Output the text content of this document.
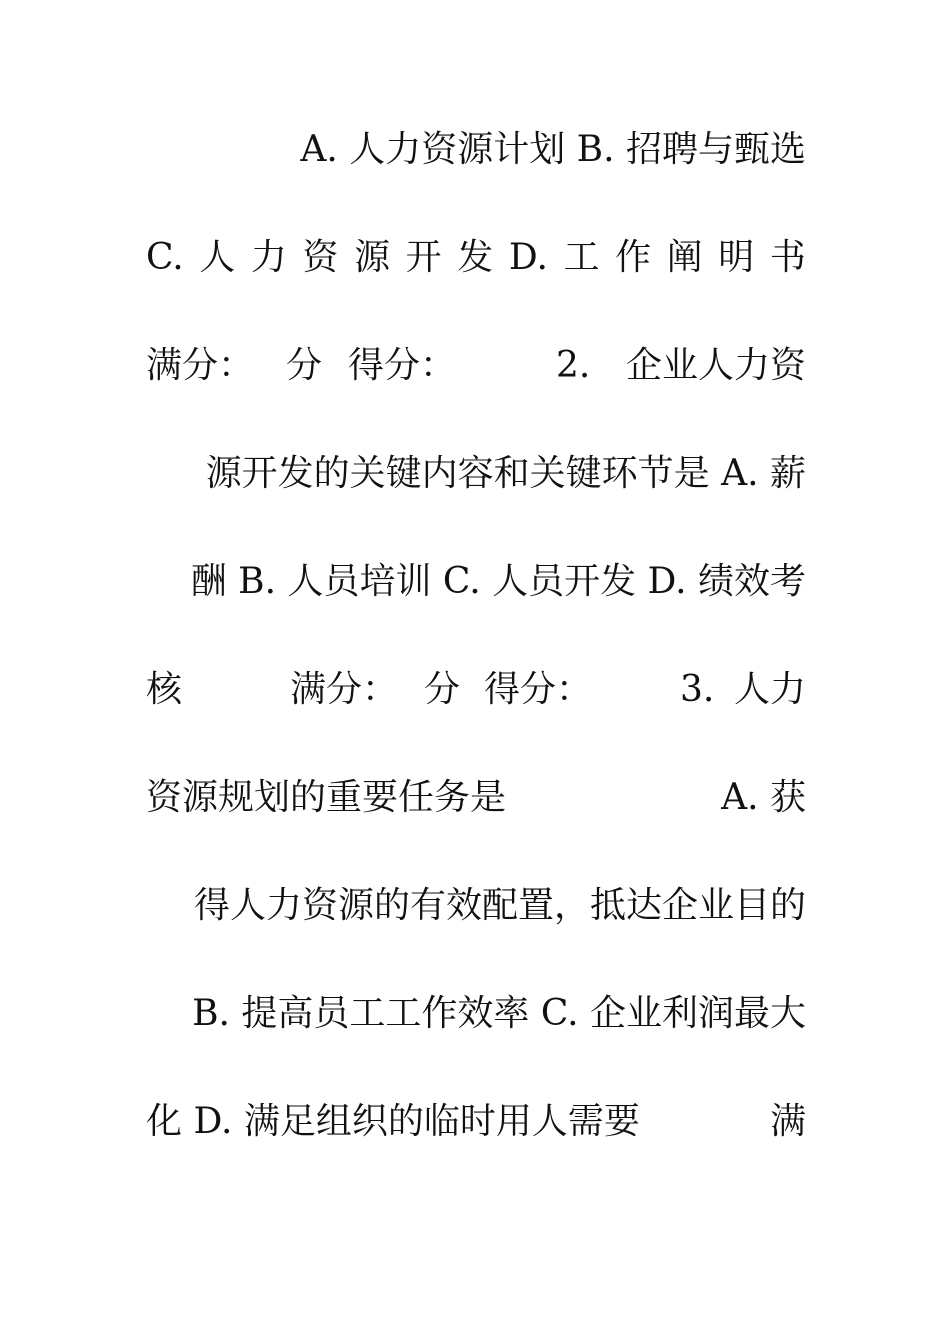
A. 人力资源计划 B. 招聘与甄选
C. 人 力 资 源 开 发 D. 工 作 阐 明 书
满分： 分 得分：	2. 企业人力资
源开发的关键内容和关键环节是 A. 薪
酬 B. 人员培训 C. 人员开发 D. 绩效考
核	满分： 分 得分： 3. 人力
资源规划的重要任务是	A. 获
得人力资源的有效配置，抵达企业目的
B. 提高员工工作效率 C. 企业利润最大
化 D. 满足组织的临时用人需要	满
